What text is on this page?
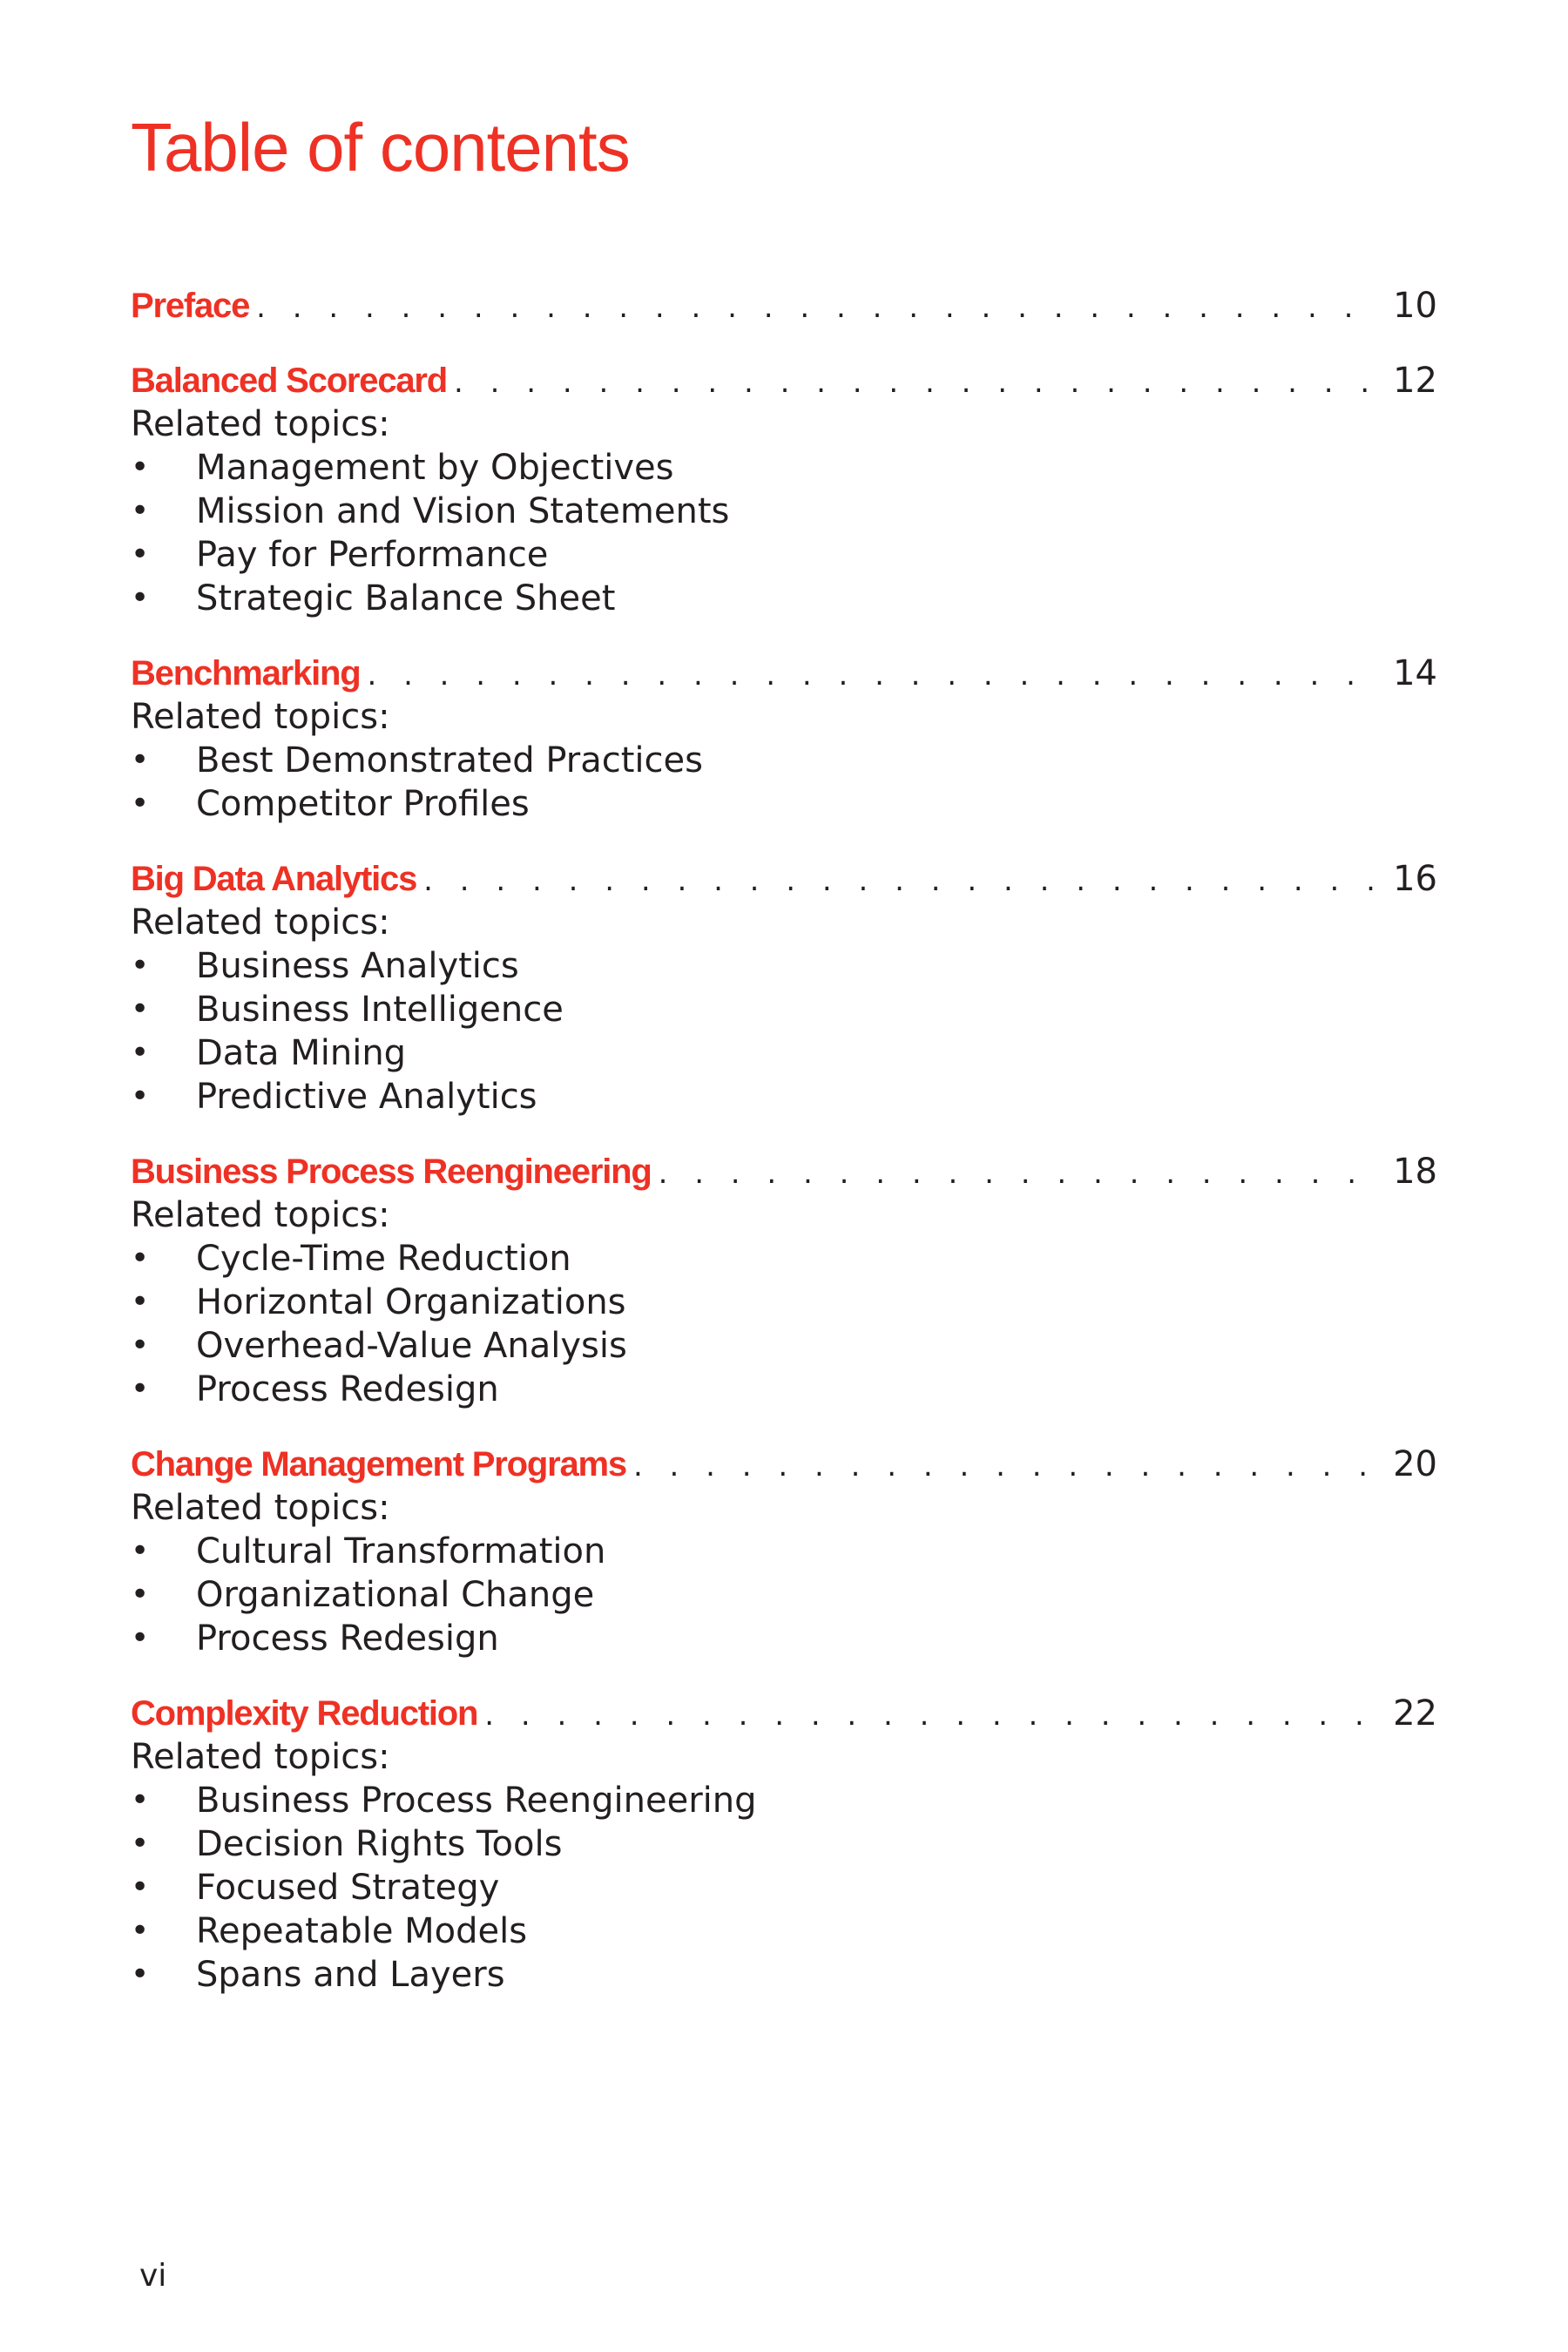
Table of contents
Preface . . .	10
Balanced Scorecard . . .	12
Related topics:
• Management by Objectives
• Mission and Vision Statements
• Pay for Performance
• Strategic Balance Sheet
Benchmarking . . .	14
Related topics:
• Best Demonstrated Practices
• Competitor Profiles
Big Data Analytics . . .	16
Related topics:
• Business Analytics
• Business Intelligence
• Data Mining
• Predictive Analytics
Business Process Reengineering . . .	18
Related topics:
• Cycle-Time Reduction
• Horizontal Organizations
• Overhead-Value Analysis
• Process Redesign
Change Management Programs . . .	20
Related topics:
• Cultural Transformation
• Organizational Change
• Process Redesign
Complexity Reduction . . .	22
Related topics:
• Business Process Reengineering
• Decision Rights Tools
• Focused Strategy
• Repeatable Models
• Spans and Layers
vi
